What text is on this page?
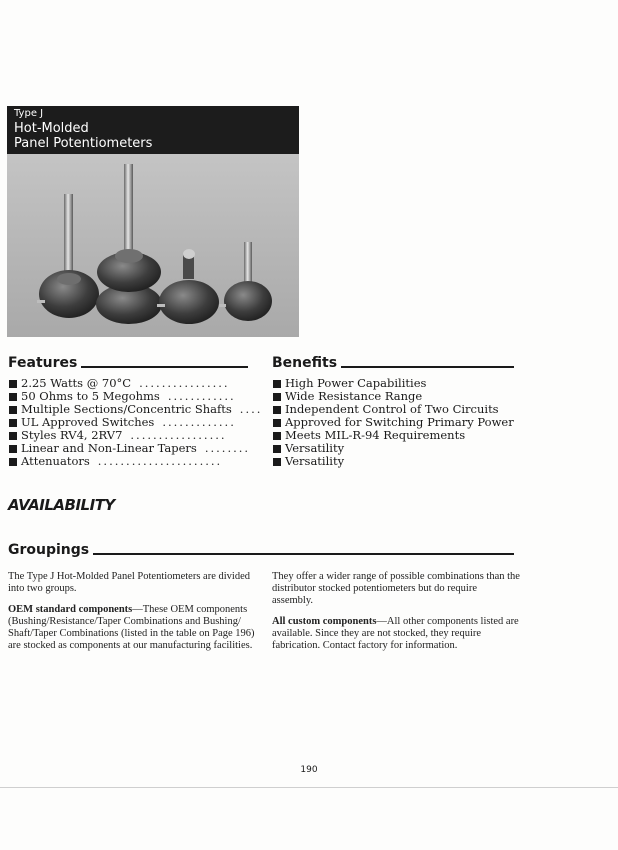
Type J
Hot-Molded
Panel Potentiometers
Features
2.25 Watts @ 70°C ................
50 Ohms to 5 Megohms ............
Multiple Sections/Concentric Shafts ....
UL Approved Switches .............
Styles RV4, 2RV7 .................
Linear and Non-Linear Tapers ........
Attenuators ......................
Benefits
High Power Capabilities
Wide Resistance Range
Independent Control of Two Circuits
Approved for Switching Primary Power
Meets MIL-R-94 Requirements
Versatility
Versatility
AVAILABILITY
Groupings
The Type J Hot-Molded Panel Potentiometers are divided into two groups.
OEM standard components—These OEM components (Bushing/Resistance/Taper Combinations and Bushing/ Shaft/Taper Combinations (listed in the table on Page 196) are stocked as components at our manufacturing facilities.
They offer a wider range of possible combinations than the distributor stocked potentiometers but do require assembly.
All custom components—All other components listed are available. Since they are not stocked, they require fabrication. Contact factory for information.
190
